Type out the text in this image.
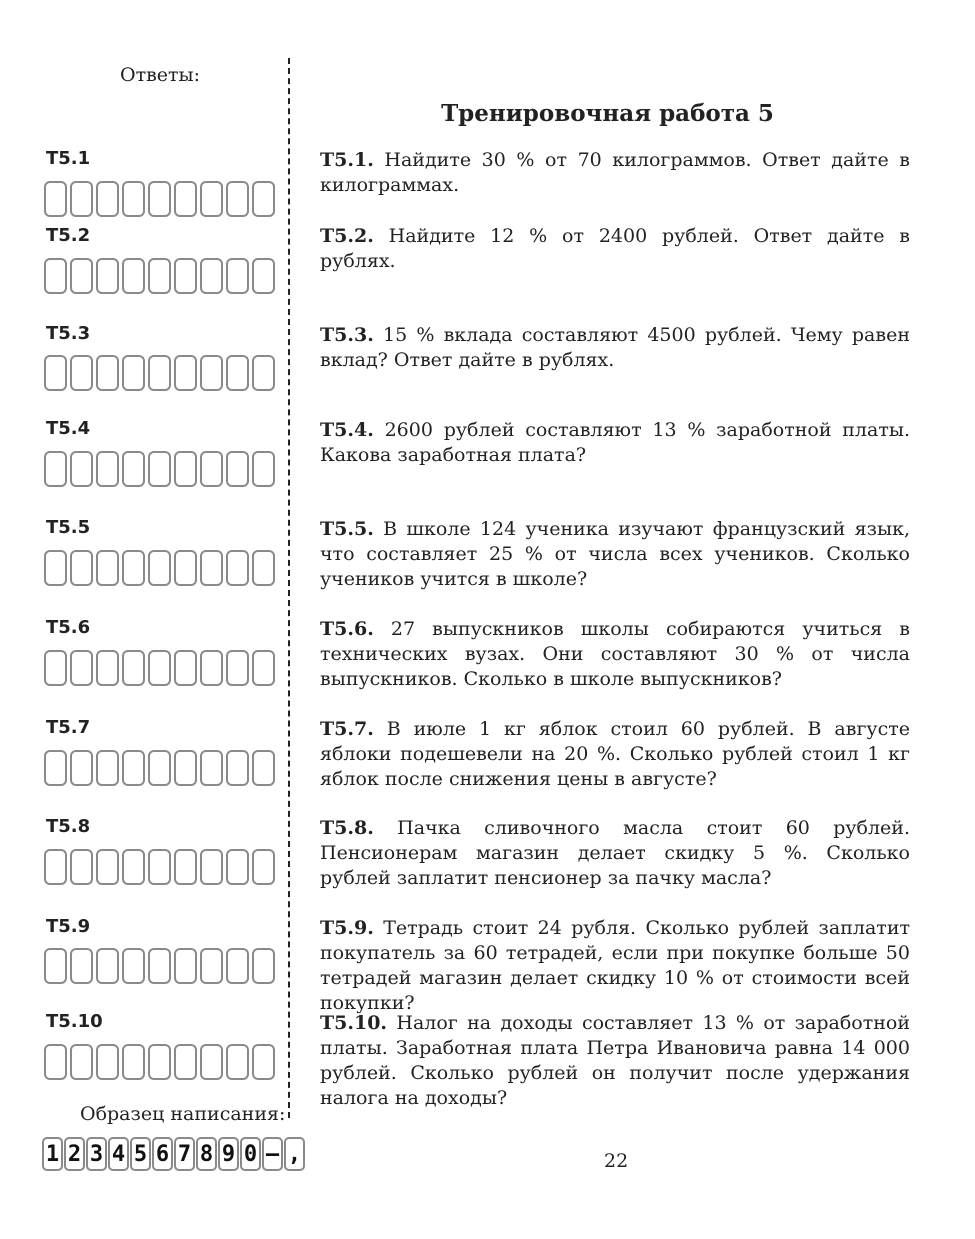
Ответы:
Тренировочная работа 5
T5.1
T5.2
T5.3
T5.4
T5.5
T5.6
T5.7
T5.8
T5.9
T5.10
T5.1. Найдите 30 % от 70 килограммов. Ответ дайте в килограммах.
T5.2. Найдите 12 % от 2400 рублей. Ответ дайте в рублях.
T5.3. 15 % вклада составляют 4500 рублей. Чему равен вклад? Ответ дайте в рублях.
T5.4. 2600 рублей составляют 13 % заработной платы. Какова заработная плата?
T5.5. В школе 124 ученика изучают французский язык, что составляет 25 % от числа всех учеников. Сколько учеников учится в школе?
T5.6. 27 выпускников школы собираются учиться в технических вузах. Они составляют 30 % от числа выпускников. Сколько в школе выпускников?
T5.7. В июле 1 кг яблок стоил 60 рублей. В августе яблоки подешевели на 20 %. Сколько рублей стоил 1 кг яблок после снижения цены в августе?
T5.8. Пачка сливочного масла стоит 60 рублей. Пенсионерам магазин делает скидку 5 %. Сколько рублей заплатит пенсионер за пачку масла?
T5.9. Тетрадь стоит 24 рубля. Сколько рублей заплатит покупатель за 60 тетрадей, если при покупке больше 50 тетрадей магазин делает скидку 10 % от стоимости всей покупки?
T5.10. Налог на доходы составляет 13 % от заработной платы. Заработная плата Петра Ивановича равна 14 000 рублей. Сколько рублей он получит после удержания налога на доходы?
Образец написания:
1 2 3 4 5 6 7 8 9 0 – ,	22
